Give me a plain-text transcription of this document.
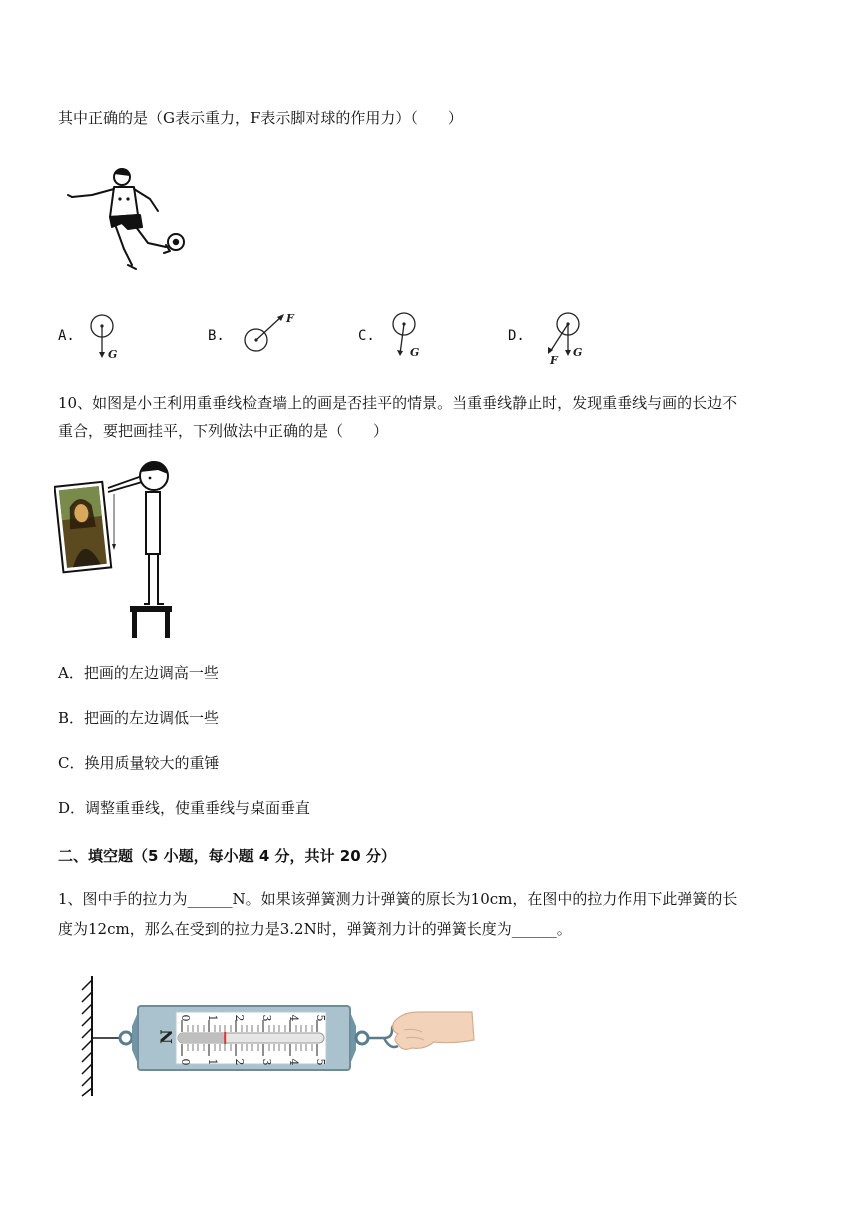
其中正确的是（G表示重力，F表示脚对球的作用力）（　　）
A.
G
B.
F
C.
G
D.
G
F
10、如图是小王利用重垂线检查墙上的画是否挂平的情景。当重垂线静止时，发现重垂线与画的长边不
重合，要把画挂平，下列做法中正确的是（　　）
A．把画的左边调高一些
B．把画的左边调低一些
C．换用质量较大的重锤
D．调整重垂线，使重垂线与桌面垂直
二、填空题（5 小题，每小题 4 分，共计 20 分）
1、图中手的拉力为______N。如果该弹簧测力计弹簧的原长为10cm，在图中的拉力作用下此弹簧的长
度为12cm，那么在受到的拉力是3.2N时，弹簧剂力计的弹簧长度为______。
N
0 1 2 3 4 5
0 1 2 3 4 5
